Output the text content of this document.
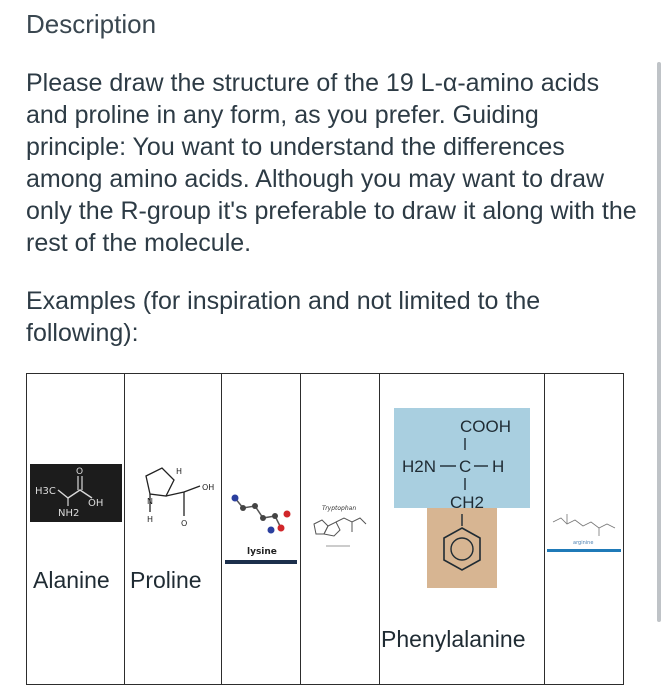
Description

Please draw the structure of the 19 L-α-amino acids and proline in any form, as you prefer. Guiding principle: You want to understand the differences among amino acids. Although you may want to draw only the R-group it's preferable to draw it along with the rest of the molecule.

Examples (for inspiration and not limited to the following):

H3C
O
OH
NH2
Alanine
H
OH
N
H	O
Proline
lysine
Tryptophan
COOH
H2N C H
CH2
Phenylalanine
arginine
